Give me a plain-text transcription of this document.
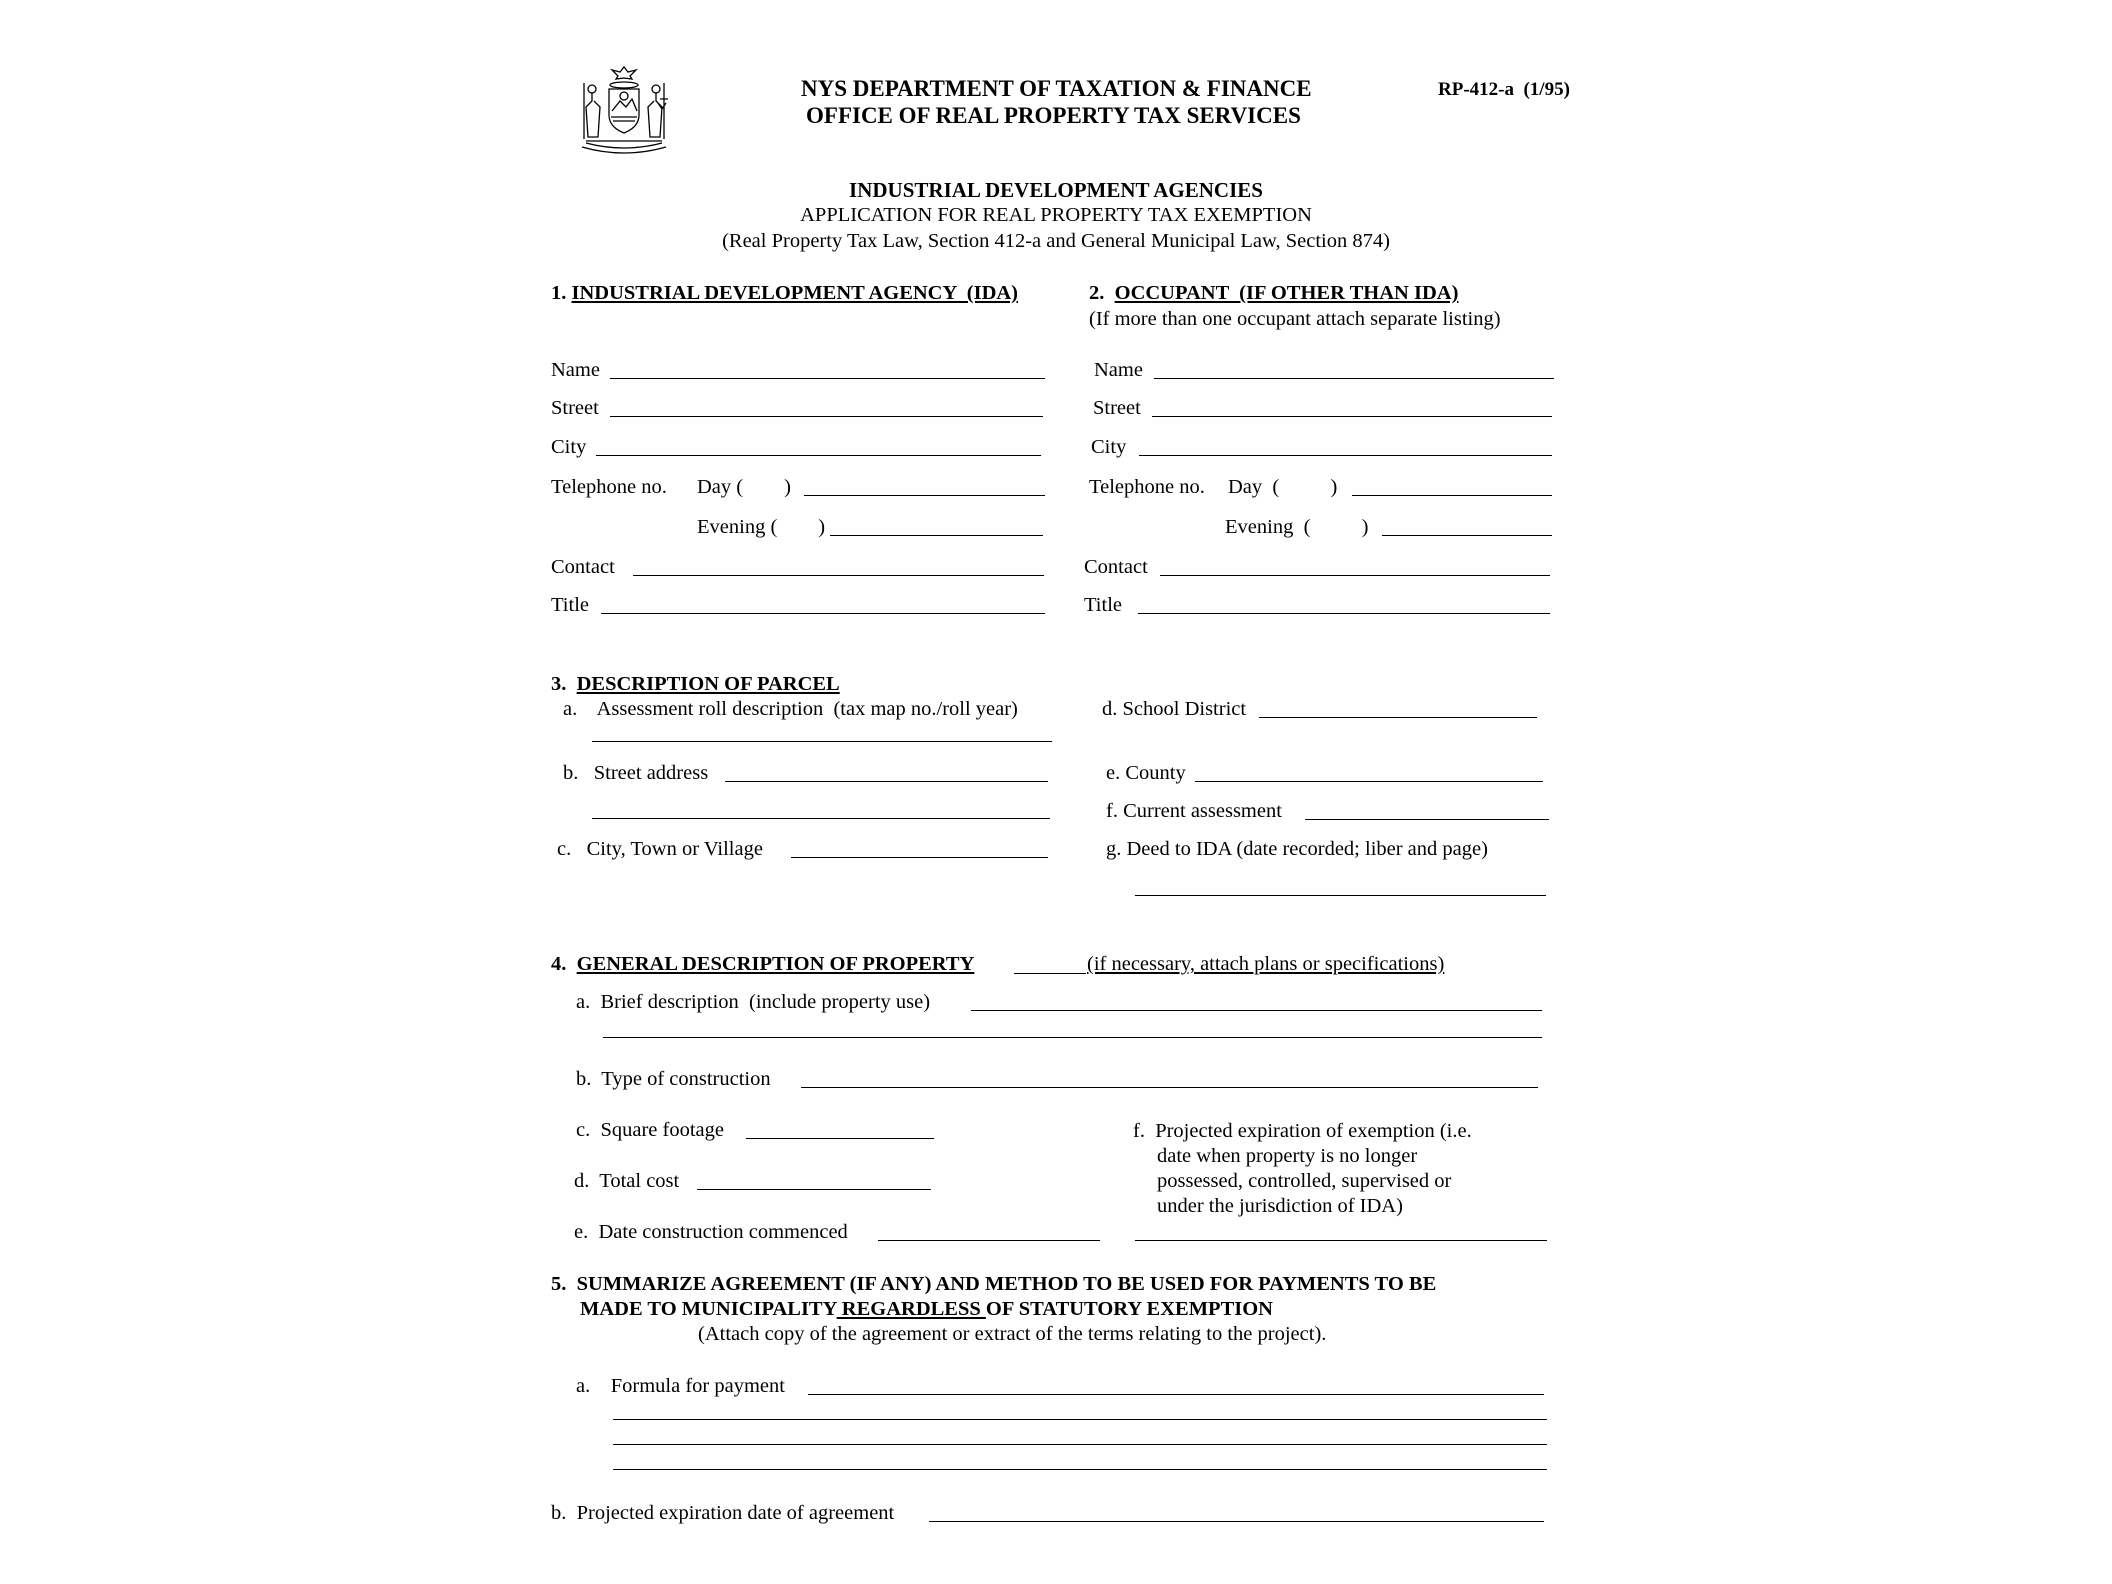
NYS DEPARTMENT OF TAXATION & FINANCE
OFFICE OF REAL PROPERTY TAX SERVICES
RP-412-a  (1/95)
INDUSTRIAL DEVELOPMENT AGENCIES
APPLICATION FOR REAL PROPERTY TAX EXEMPTION
(Real Property Tax Law, Section 412-a and General Municipal Law, Section 874)
1. INDUSTRIAL DEVELOPMENT AGENCY  (IDA)
Name
Street
City
Telephone no. Day (        )
Evening (        )
Contact
Title
2.  OCCUPANT  (IF OTHER THAN IDA)
(If more than one occupant attach separate listing)
Name
Street
City
Telephone no. Day  (          )
Evening  (          )
Contact
Title
3.  DESCRIPTION OF PARCEL
a.    Assessment roll description  (tax map no./roll year)
b.   Street address
c.   City, Town or Village
d. School District
e. County
f. Current assessment
g. Deed to IDA (date recorded; liber and page)
4.  GENERAL DESCRIPTION OF PROPERTY	(if necessary, attach plans or specifications)
a.  Brief description  (include property use)
b.  Type of construction
c.  Square footage
d.  Total cost
e.  Date construction commenced
f.  Projected expiration of exemption (i.e.
date when property is no longer
possessed, controlled, supervised or
under the jurisdiction of IDA)
5.  SUMMARIZE AGREEMENT (IF ANY) AND METHOD TO BE USED FOR PAYMENTS TO BE
MADE TO MUNICIPALITY REGARDLESS OF STATUTORY EXEMPTION
(Attach copy of the agreement or extract of the terms relating to the project).
a.    Formula for payment
b.  Projected expiration date of agreement
